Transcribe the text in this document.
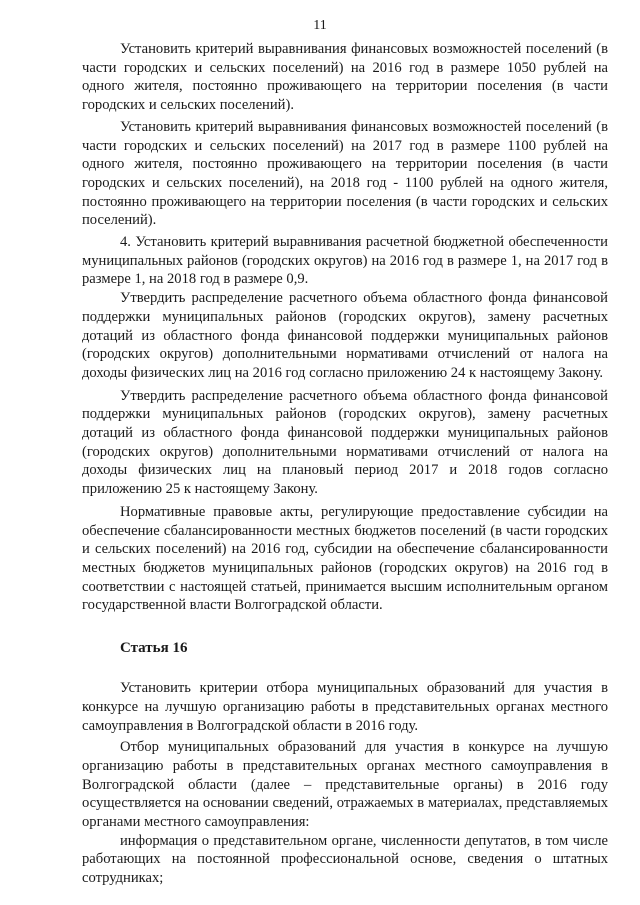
11

Установить критерий выравнивания финансовых возможностей поселений (в части городских и сельских поселений) на 2016 год в размере 1050 рублей на одного жителя, постоянно проживающего на территории поселения (в части городских и сельских поселений).

Установить критерий выравнивания финансовых возможностей поселений (в части городских и сельских поселений) на 2017 год в размере 1100 рублей на одного жителя, постоянно проживающего на территории поселения (в части городских и сельских поселений), на 2018 год - 1100 рублей на одного жителя, постоянно проживающего на территории поселения (в части городских и сельских поселений).

4. Установить критерий выравнивания расчетной бюджетной обеспеченности муниципальных районов (городских округов) на 2016 год в размере 1, на 2017 год в размере 1, на 2018 год в размере 0,9.

Утвердить распределение расчетного объема областного фонда финансовой поддержки муниципальных районов (городских округов), замену расчетных дотаций из областного фонда финансовой поддержки муниципальных районов (городских округов) дополнительными нормативами отчислений от налога на доходы физических лиц на 2016 год согласно приложению 24 к настоящему Закону.

Утвердить распределение расчетного объема областного фонда финансовой поддержки муниципальных районов (городских округов), замену расчетных дотаций из областного фонда финансовой поддержки муниципальных районов (городских округов) дополнительными нормативами отчислений от налога на доходы физических лиц на плановый период 2017 и 2018 годов согласно приложению 25 к настоящему Закону.

Нормативные правовые акты, регулирующие предоставление субсидии на обеспечение сбалансированности местных бюджетов поселений (в части городских и сельских поселений) на 2016 год, субсидии на обеспечение сбалансированности местных бюджетов муниципальных районов (городских округов) на 2016 год в соответствии с настоящей статьей, принимается высшим исполнительным органом государственной власти Волгоградской области.

Статья 16

Установить критерии отбора муниципальных образований для участия в конкурсе на лучшую организацию работы в представительных органах местного самоуправления в Волгоградской области в 2016 году.

Отбор муниципальных образований для участия в конкурсе на лучшую организацию работы в представительных органах местного самоуправления в Волгоградской области (далее – представительные органы) в 2016 году осуществляется на основании сведений, отражаемых в материалах, представляемых органами местного самоуправления:

информация о представительном органе, численности депутатов, в том числе работающих на постоянной профессиональной основе, сведения о штатных сотрудниках;
